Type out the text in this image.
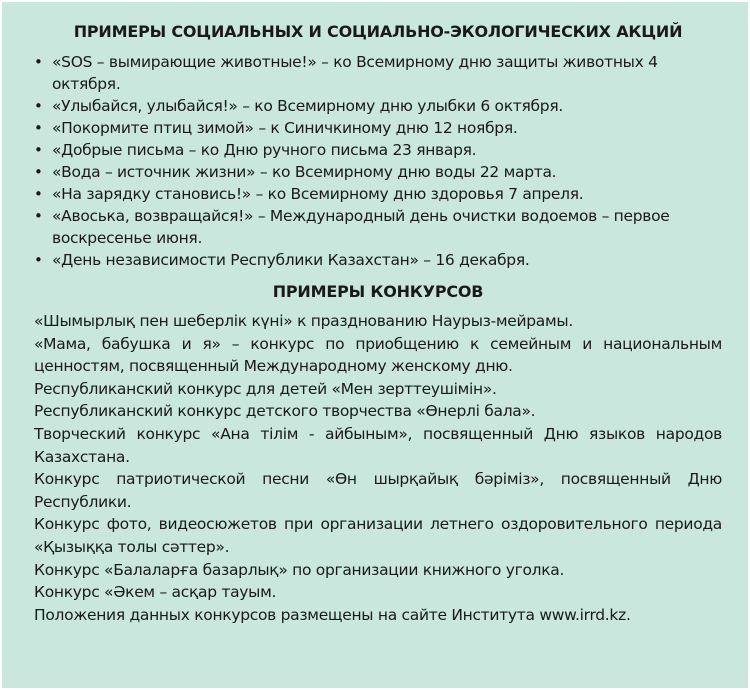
ПРИМЕРЫ СОЦИАЛЬНЫХ И СОЦИАЛЬНО-ЭКОЛОГИЧЕСКИХ АКЦИЙ
• «SOS – вымирающие животные!» – ко Всемирному дню защиты животных 4 октября.
• «Улыбайся, улыбайся!» – ко Всемирному дню улыбки 6 октября.
• «Покормите птиц зимой» – к Синичкиному дню 12 ноября.
• «Добрые письма – ко Дню ручного письма 23 января.
• «Вода – источник жизни» – ко Всемирному дню воды 22 марта.
• «На зарядку становись!» – ко Всемирному дню здоровья 7 апреля.
• «Авоська, возвращайся!» – Международный день очистки водоемов – первое воскресенье июня.
• «День независимости Республики Казахстан» – 16 декабря.
ПРИМЕРЫ КОНКУРСОВ

«Шымырлық пен шеберлік күні» к празднованию Наурыз-мейрамы.

«Мама, бабушка и я» – конкурс по приобщению к семейным и национальным ценностям, посвященный Международному женскому дню.

Республиканский конкурс для детей «Мен зерттеушімін».

Республиканский конкурс детского творчества «Өнерлі бала».

Творческий конкурс «Ана тілім - айбыным», посвященный Дню языков народов Казахстана.

Конкурс патриотической песни «Өн шырқайық бәріміз», посвященный Дню Республики.

Конкурс фото, видеосюжетов при организации летнего оздоровительного периода «Қызыққа толы сәттер».

Конкурс «Балаларға базарлық» по организации книжного уголка.

Конкурс «Әкем – асқар тауым.

Положения данных конкурсов размещены на сайте Института www.irrd.kz.
